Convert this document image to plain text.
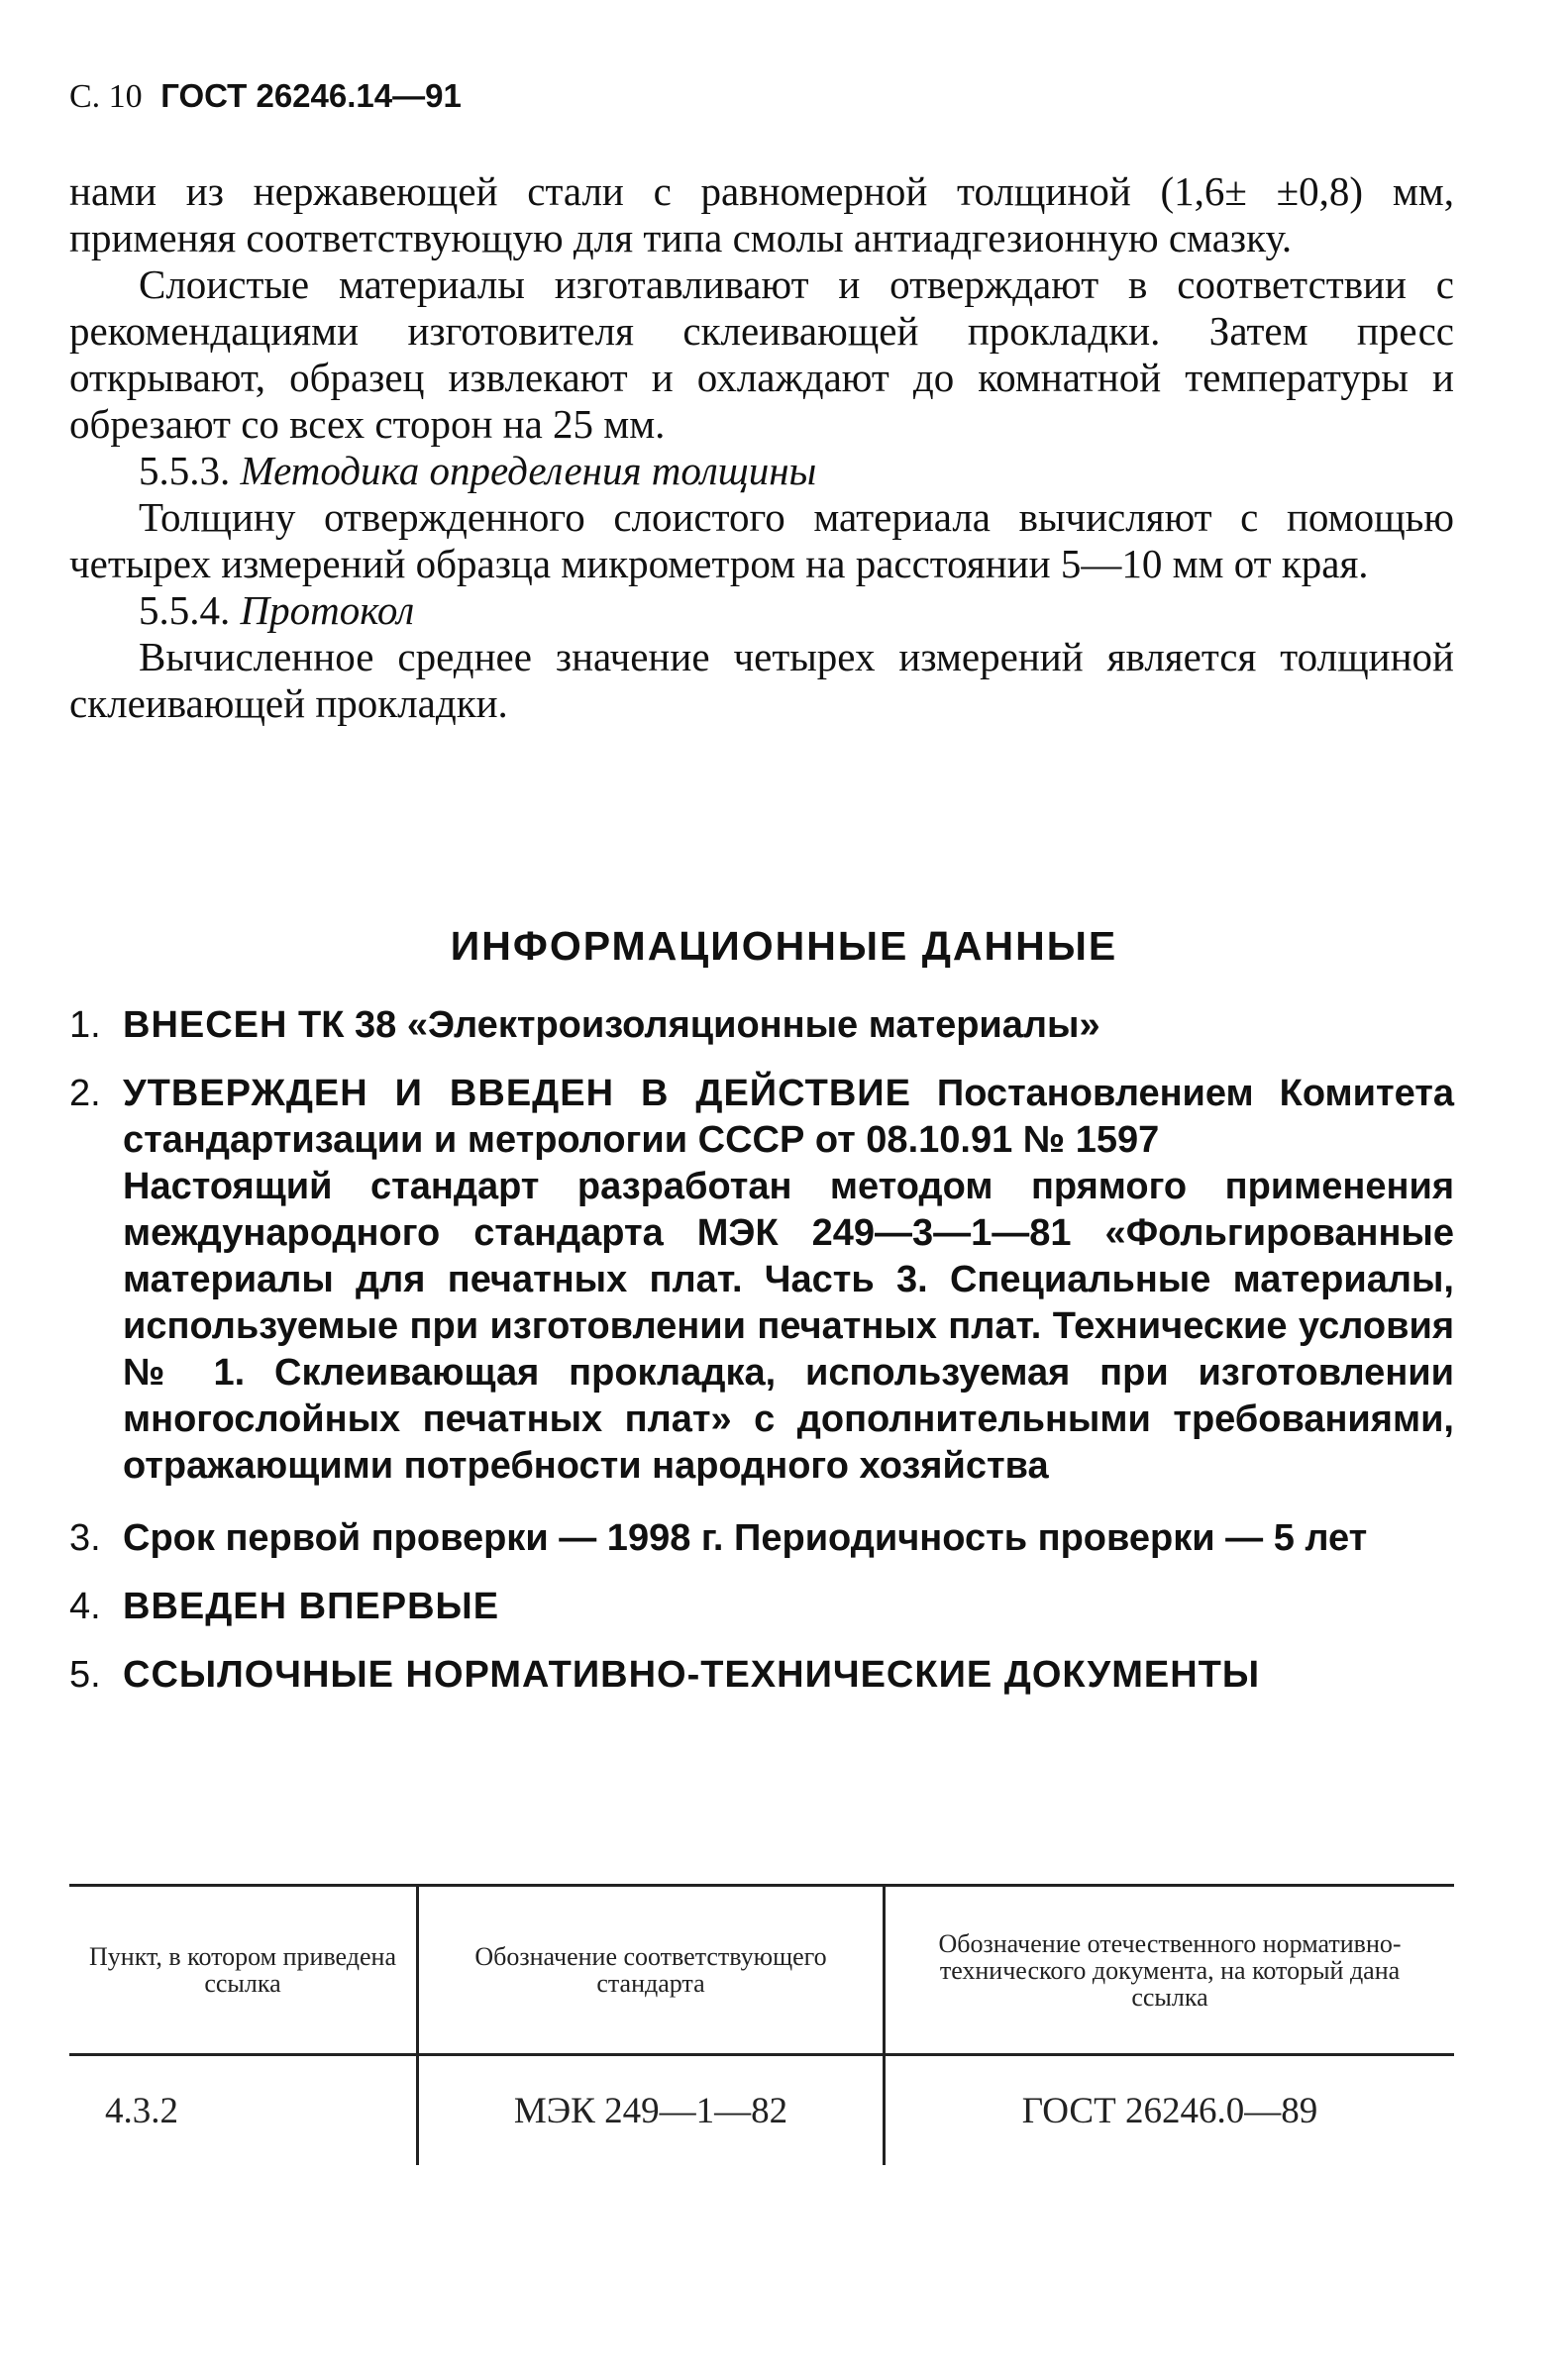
С. 10 ГОСТ 26246.14—91

нами из нержавеющей стали с равномерной толщиной (1,6± ±0,8) мм, применяя соответствующую для типа смолы антиадгезионную смазку.

Слоистые материалы изготавливают и отверждают в соответствии с рекомендациями изготовителя склеивающей прокладки. Затем пресс открывают, образец извлекают и охлаждают до комнатной температуры и обрезают со всех сторон на 25 мм.

5.5.3. Методика определения толщины

Толщину отвержденного слоистого материала вычисляют с помощью четырех измерений образца микрометром на расстоянии 5—10 мм от края.

5.5.4. Протокол

Вычисленное среднее значение четырех измерений является толщиной склеивающей прокладки.

ИНФОРМАЦИОННЫЕ ДАННЫЕ
1. ВНЕСЕН ТК 38 «Электроизоляционные материалы»
2. УТВЕРЖДЕН И ВВЕДЕН В ДЕЙСТВИЕ Постановлением Комитета стандартизации и метрологии СССР от 08.10.91 № 1597
Настоящий стандарт разработан методом прямого применения международного стандарта МЭК 249—3—1—81 «Фольгированные материалы для печатных плат. Часть 3. Специальные материалы, используемые при изготовлении печатных плат. Технические условия № 1. Склеивающая прокладка, используемая при изготовлении многослойных печатных плат» с дополнительными требованиями, отражающими потребности народного хозяйства
3. Срок первой проверки — 1998 г. Периодичность проверки — 5 лет
4. ВВЕДЕН ВПЕРВЫЕ
5. ССЫЛОЧНЫЕ НОРМАТИВНО-ТЕХНИЧЕСКИЕ ДОКУМЕНТЫ
Пункт, в котором приведена ссылка	Обозначение соответствующего стандарта	Обозначение отечественного нормативно-технического документа, на который дана ссылка
4.3.2	МЭК 249—1—82	ГОСТ 26246.0—89
